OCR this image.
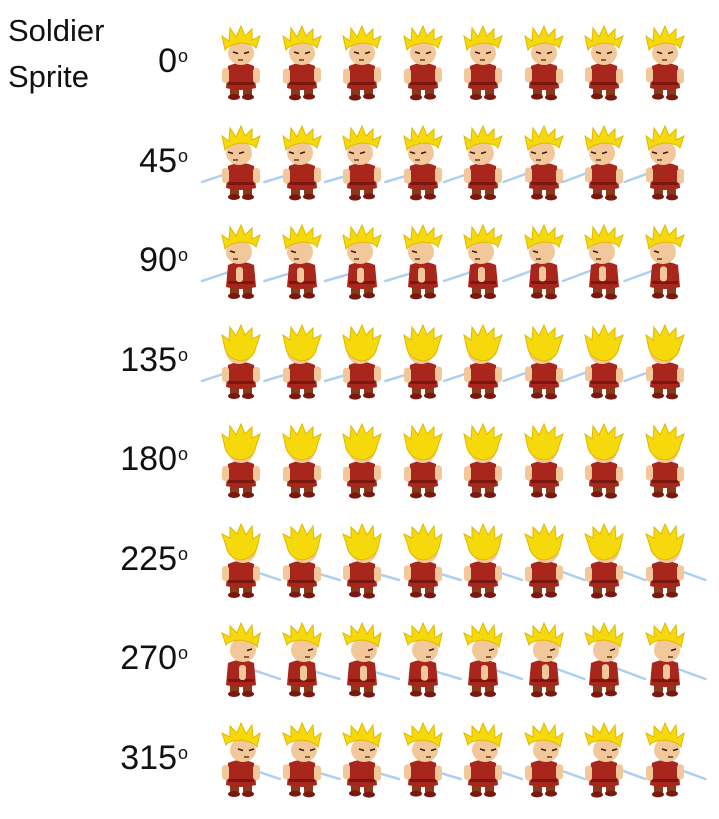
Soldier
Sprite	0$^o$
45$^o$
90$^o$
135$^o$
180$^o$
225$^o$
270$^o$
315$^o$
